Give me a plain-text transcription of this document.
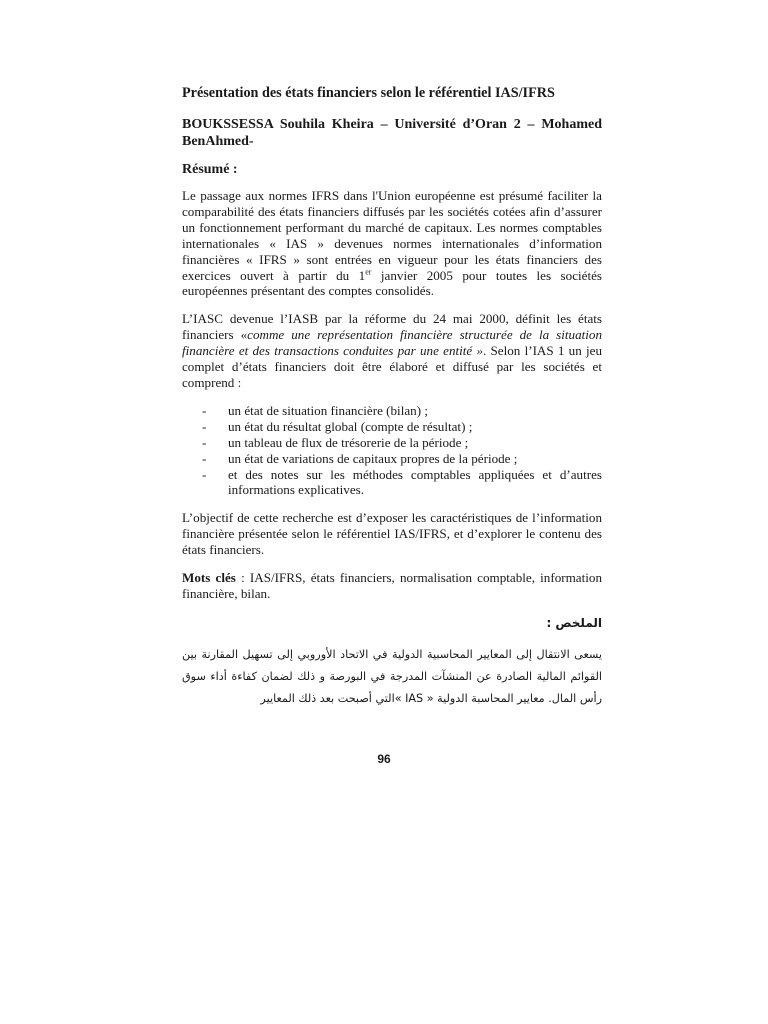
Présentation des états financiers selon le référentiel IAS/IFRS
BOUKSSESSA Souhila Kheira – Université d’Oran 2 – Mohamed BenAhmed-
Résumé :

Le passage aux normes IFRS dans l'Union européenne est présumé faciliter la comparabilité des états financiers diffusés par les sociétés cotées afin d’assurer un fonctionnement performant du marché de capitaux. Les normes comptables internationales « IAS » devenues normes internationales d’information financières « IFRS » sont entrées en vigueur pour les états financiers des exercices ouvert à partir du 1er janvier 2005 pour toutes les sociétés européennes présentant des comptes consolidés.

L’IASC devenue l’IASB par la réforme du 24 mai 2000, définit les états financiers «comme une représentation financière structurée de la situation financière et des transactions conduites par une entité ». Selon l’IAS 1 un jeu complet d’états financiers doit être élaboré et diffusé par les sociétés et comprend :

- un état de situation financière (bilan) ;
- un état du résultat global (compte de résultat) ;
- un tableau de flux de trésorerie de la période ;
- un état de variations de capitaux propres de la période ;
- et des notes sur les méthodes comptables appliquées et d’autres informations explicatives.

L’objectif de cette recherche est d’exposer les caractéristiques de l’information financière présentée selon le référentiel IAS/IFRS, et d’explorer le contenu des états financiers.

Mots clés : IAS/IFRS, états financiers, normalisation comptable, information financière, bilan.

الملخص :

يسعى الانتقال إلى المعايير المحاسبية الدولية في الاتحاد الأوروبي إلى تسهيل المقارنة بين القوائم المالية الصادرة عن المنشآت المدرجة في البورصة و ذلك لضمان كفاءة أداء سوق رأس المال. معايير المحاسبة الدولية « IAS »التي أصبحت بعد ذلك المعايير

96
